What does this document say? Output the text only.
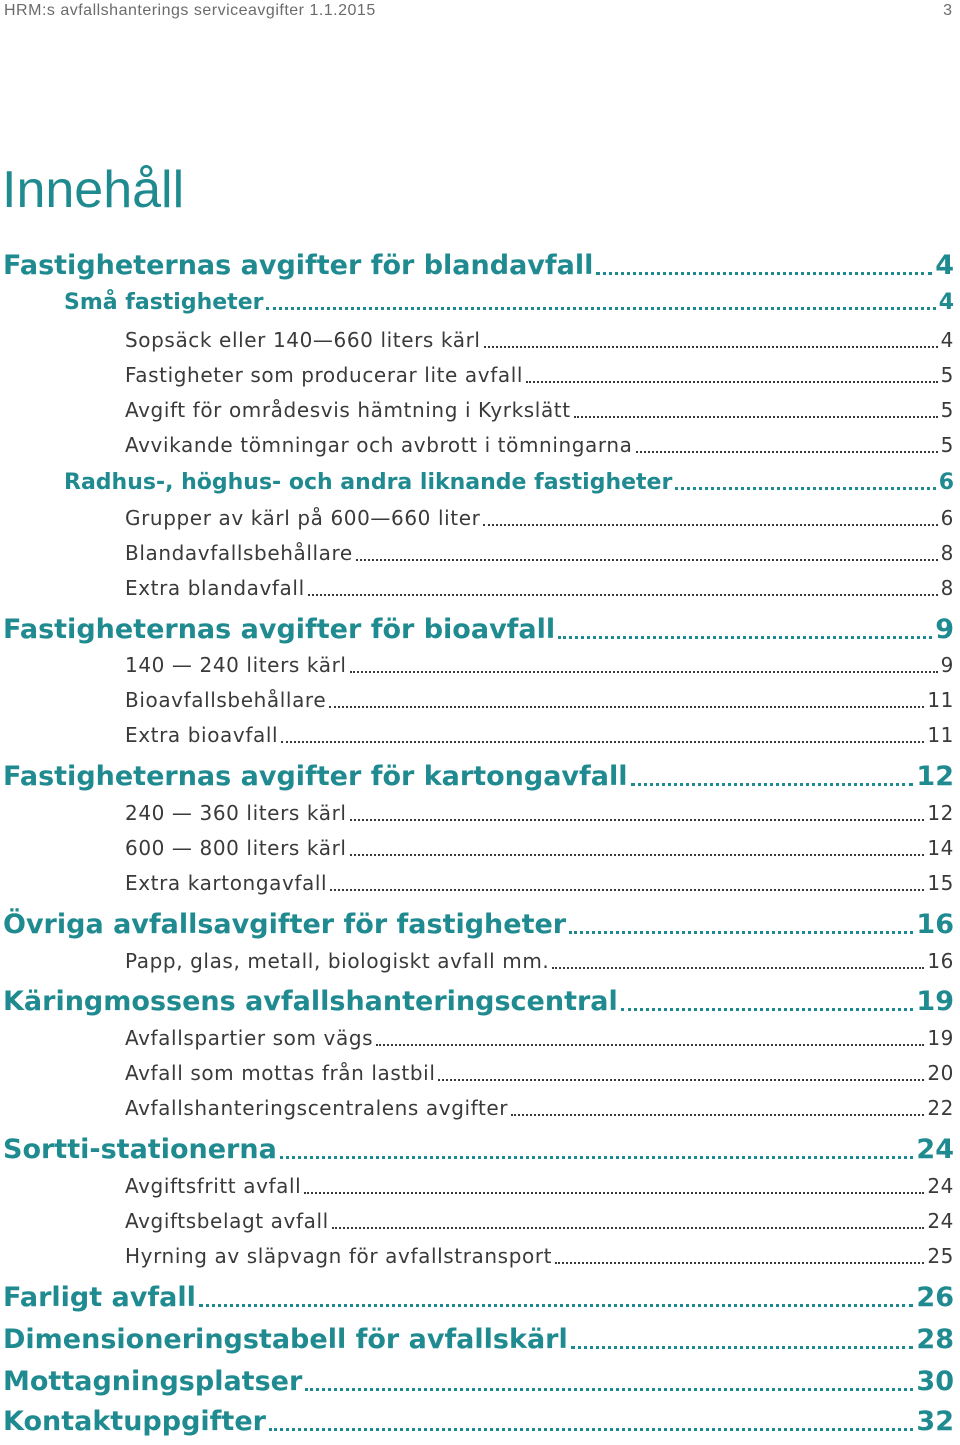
HRM:s avfallshanterings serviceavgifter 1.1.2015	3
Innehåll
Fastigheternas avgifter för blandavfall	4
Små fastigheter	4
Sopsäck eller 140—660 liters kärl	4
Fastigheter som producerar lite avfall	5
Avgift för områdesvis hämtning i Kyrkslätt	5
Avvikande tömningar och avbrott i tömningarna	5
Radhus-, höghus- och andra liknande fastigheter	6
Grupper av kärl på 600—660 liter	6
Blandavfallsbehållare	8
Extra blandavfall	8
Fastigheternas avgifter för bioavfall	9
140 — 240 liters kärl	9
Bioavfallsbehållare	11
Extra bioavfall	11
Fastigheternas avgifter för kartongavfall	12
240 — 360 liters kärl	12
600 — 800 liters kärl	14
Extra kartongavfall	15
Övriga avfallsavgifter för fastigheter	16
Papp, glas, metall, biologiskt avfall mm.	16
Käringmossens avfallshanteringscentral	19
Avfallspartier som vägs	19
Avfall som mottas från lastbil	20
Avfallshanteringscentralens avgifter	22
Sortti-stationerna	24
Avgiftsfritt avfall	24
Avgiftsbelagt avfall	24
Hyrning av släpvagn för avfallstransport	25
Farligt avfall	26
Dimensioneringstabell för avfallskärl	28
Mottagningsplatser	30
Kontaktuppgifter	32
